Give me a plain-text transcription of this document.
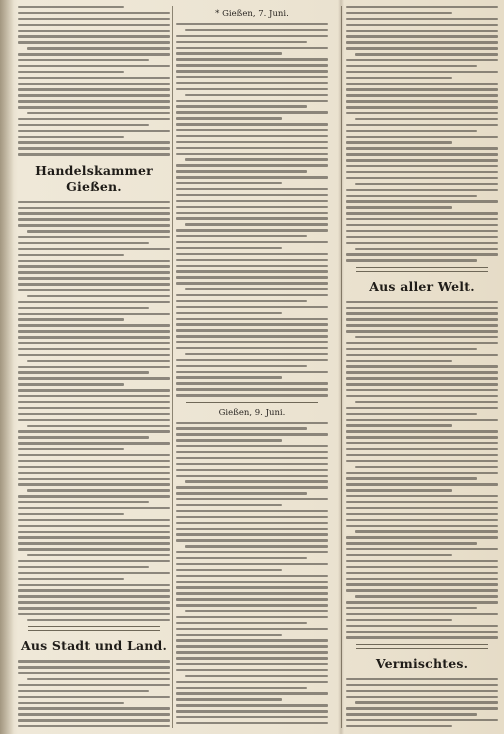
Handelskammer Gießen.
Aus Stadt und Land.
* Gießen, 7. Juni.
Gießen, 9. Juni.
Aus aller Welt.
Vermischtes.
